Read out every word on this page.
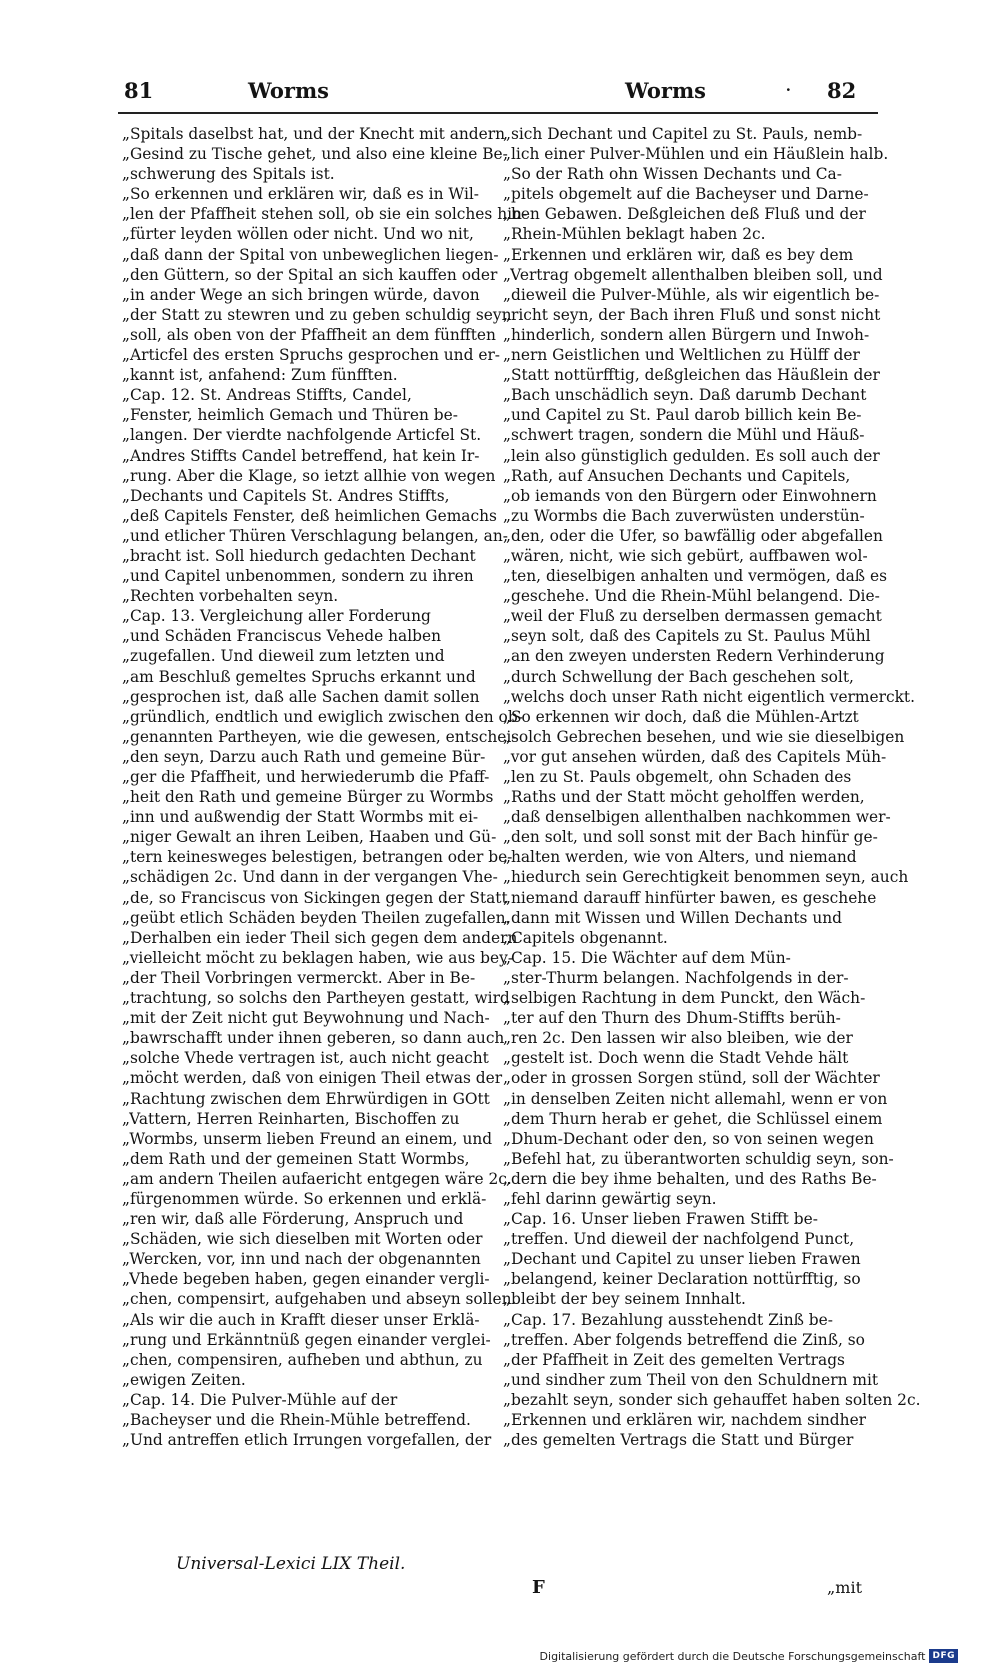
81	Worms	Worms	· 82

„Spitals daselbst hat, und der Knecht mit andern

„Gesind zu Tische gehet, und also eine kleine Be-

„schwerung des Spitals ist.

„So erkennen und erklären wir, daß es in Wil-

„len der Pfaffheit stehen soll, ob sie ein solches hin-

„fürter leyden wöllen oder nicht. Und wo nit,

„daß dann der Spital von unbeweglichen liegen-

„den Güttern, so der Spital an sich kauffen oder

„in ander Wege an sich bringen würde, davon

„der Statt zu stewren und zu geben schuldig seyn

„soll, als oben von der Pfaffheit an dem fünfften

„Articfel des ersten Spruchs gesprochen und er-

„kannt ist, anfahend: Zum fünfften.

„Cap. 12. St. Andreas Stiffts, Candel,

„Fenster, heimlich Gemach und Thüren be-

„langen. Der vierdte nachfolgende Articfel St.

„Andres Stiffts Candel betreffend, hat kein Ir-

„rung. Aber die Klage, so ietzt allhie von wegen

„Dechants und Capitels St. Andres Stiffts,

„deß Capitels Fenster, deß heimlichen Gemachs

„und etlicher Thüren Verschlagung belangen, an-

„bracht ist. Soll hiedurch gedachten Dechant

„und Capitel unbenommen, sondern zu ihren

„Rechten vorbehalten seyn.

„Cap. 13. Vergleichung aller Forderung

„und Schäden Franciscus Vehede halben

„zugefallen. Und dieweil zum letzten und

„am Beschluß gemeltes Spruchs erkannt und

„gesprochen ist, daß alle Sachen damit sollen

„gründlich, endtlich und ewiglich zwischen den ob-

„genannten Partheyen, wie die gewesen, entschei-

„den seyn, Darzu auch Rath und gemeine Bür-

„ger die Pfaffheit, und herwiederumb die Pfaff-

„heit den Rath und gemeine Bürger zu Wormbs

„inn und außwendig der Statt Wormbs mit ei-

„niger Gewalt an ihren Leiben, Haaben und Gü-

„tern keinesweges belestigen, betrangen oder be-

„schädigen 2c. Und dann in der vergangen Vhe-

„de, so Franciscus von Sickingen gegen der Statt

„geübt etlich Schäden beyden Theilen zugefallen.

„Derhalben ein ieder Theil sich gegen dem andern

„vielleicht möcht zu beklagen haben, wie aus bey-

„der Theil Vorbringen vermerckt. Aber in Be-

„trachtung, so solchs den Partheyen gestatt, wird

„mit der Zeit nicht gut Beywohnung und Nach-

„bawrschafft under ihnen geberen, so dann auch

„solche Vhede vertragen ist, auch nicht geacht

„möcht werden, daß von einigen Theil etwas der

„Rachtung zwischen dem Ehrwürdigen in GOtt

„Vattern, Herren Reinharten, Bischoffen zu

„Wormbs, unserm lieben Freund an einem, und

„dem Rath und der gemeinen Statt Wormbs,

„am andern Theilen aufaericht entgegen wäre 2c.

„fürgenommen würde. So erkennen und erklä-

„ren wir, daß alle Förderung, Anspruch und

„Schäden, wie sich dieselben mit Worten oder

„Wercken, vor, inn und nach der obgenannten

„Vhede begeben haben, gegen einander vergli-

„chen, compensirt, aufgehaben und abseyn sollen.

„Als wir die auch in Krafft dieser unser Erklä-

„rung und Erkänntnüß gegen einander verglei-

„chen, compensiren, aufheben und abthun, zu

„ewigen Zeiten.

„Cap. 14. Die Pulver-Mühle auf der

„Bacheyser und die Rhein-Mühle betreffend.

„Und antreffen etlich Irrungen vorgefallen, der

„sich Dechant und Capitel zu St. Pauls, nemb-

„lich einer Pulver-Mühlen und ein Häußlein halb.

„So der Rath ohn Wissen Dechants und Ca-

„pitels obgemelt auf die Bacheyser und Darne-

„ben Gebawen. Deßgleichen deß Fluß und der

„Rhein-Mühlen beklagt haben 2c.

„Erkennen und erklären wir, daß es bey dem

„Vertrag obgemelt allenthalben bleiben soll, und

„dieweil die Pulver-Mühle, als wir eigentlich be-

„richt seyn, der Bach ihren Fluß und sonst nicht

„hinderlich, sondern allen Bürgern und Inwoh-

„nern Geistlichen und Weltlichen zu Hülff der

„Statt nottürfftig, deßgleichen das Häußlein der

„Bach unschädlich seyn. Daß darumb Dechant

„und Capitel zu St. Paul darob billich kein Be-

„schwert tragen, sondern die Mühl und Häuß-

„lein also günstiglich gedulden. Es soll auch der

„Rath, auf Ansuchen Dechants und Capitels,

„ob iemands von den Bürgern oder Einwohnern

„zu Wormbs die Bach zuverwüsten understün-

„den, oder die Ufer, so bawfällig oder abgefallen

„wären, nicht, wie sich gebürt, auffbawen wol-

„ten, dieselbigen anhalten und vermögen, daß es

„geschehe. Und die Rhein-Mühl belangend. Die-

„weil der Fluß zu derselben dermassen gemacht

„seyn solt, daß des Capitels zu St. Paulus Mühl

„an den zweyen understen Redern Verhinderung

„durch Schwellung der Bach geschehen solt,

„welchs doch unser Rath nicht eigentlich vermerckt.

„So erkennen wir doch, daß die Mühlen-Artzt

„solch Gebrechen besehen, und wie sie dieselbigen

„vor gut ansehen würden, daß des Capitels Müh-

„len zu St. Pauls obgemelt, ohn Schaden des

„Raths und der Statt möcht geholffen werden,

„daß denselbigen allenthalben nachkommen wer-

„den solt, und soll sonst mit der Bach hinfür ge-

„halten werden, wie von Alters, und niemand

„hiedurch sein Gerechtigkeit benommen seyn, auch

„niemand darauff hinfürter bawen, es geschehe

„dann mit Wissen und Willen Dechants und

„Capitels obgenannt.

„Cap. 15. Die Wächter auf dem Mün-

„ster-Thurm belangen. Nachfolgends in der-

„selbigen Rachtung in dem Punckt, den Wäch-

„ter auf den Thurn des Dhum-Stiffts berüh-

„ren 2c. Den lassen wir also bleiben, wie der

„gestelt ist. Doch wenn die Stadt Vehde hält

„oder in grossen Sorgen stünd, soll der Wächter

„in denselben Zeiten nicht allemahl, wenn er von

„dem Thurn herab er gehet, die Schlüssel einem

„Dhum-Dechant oder den, so von seinen wegen

„Befehl hat, zu überantworten schuldig seyn, son-

„dern die bey ihme behalten, und des Raths Be-

„fehl darinn gewärtig seyn.

„Cap. 16. Unser lieben Frawen Stifft be-

„treffen. Und dieweil der nachfolgend Punct,

„Dechant und Capitel zu unser lieben Frawen

„belangend, keiner Declaration nottürfftig, so

„bleibt der bey seinem Innhalt.

„Cap. 17. Bezahlung ausstehendt Zinß be-

„treffen. Aber folgends betreffend die Zinß, so

„der Pfaffheit in Zeit des gemelten Vertrags

„und sindher zum Theil von den Schuldnern mit

„bezahlt seyn, sonder sich gehauffet haben solten 2c.

„Erkennen und erklären wir, nachdem sindher

„des gemelten Vertrags die Statt und Bürger

Universal-Lexici LIX Theil.
F	„mit
Digitalisierung gefördert durch die Deutsche Forschungsgemeinschaft DFG
